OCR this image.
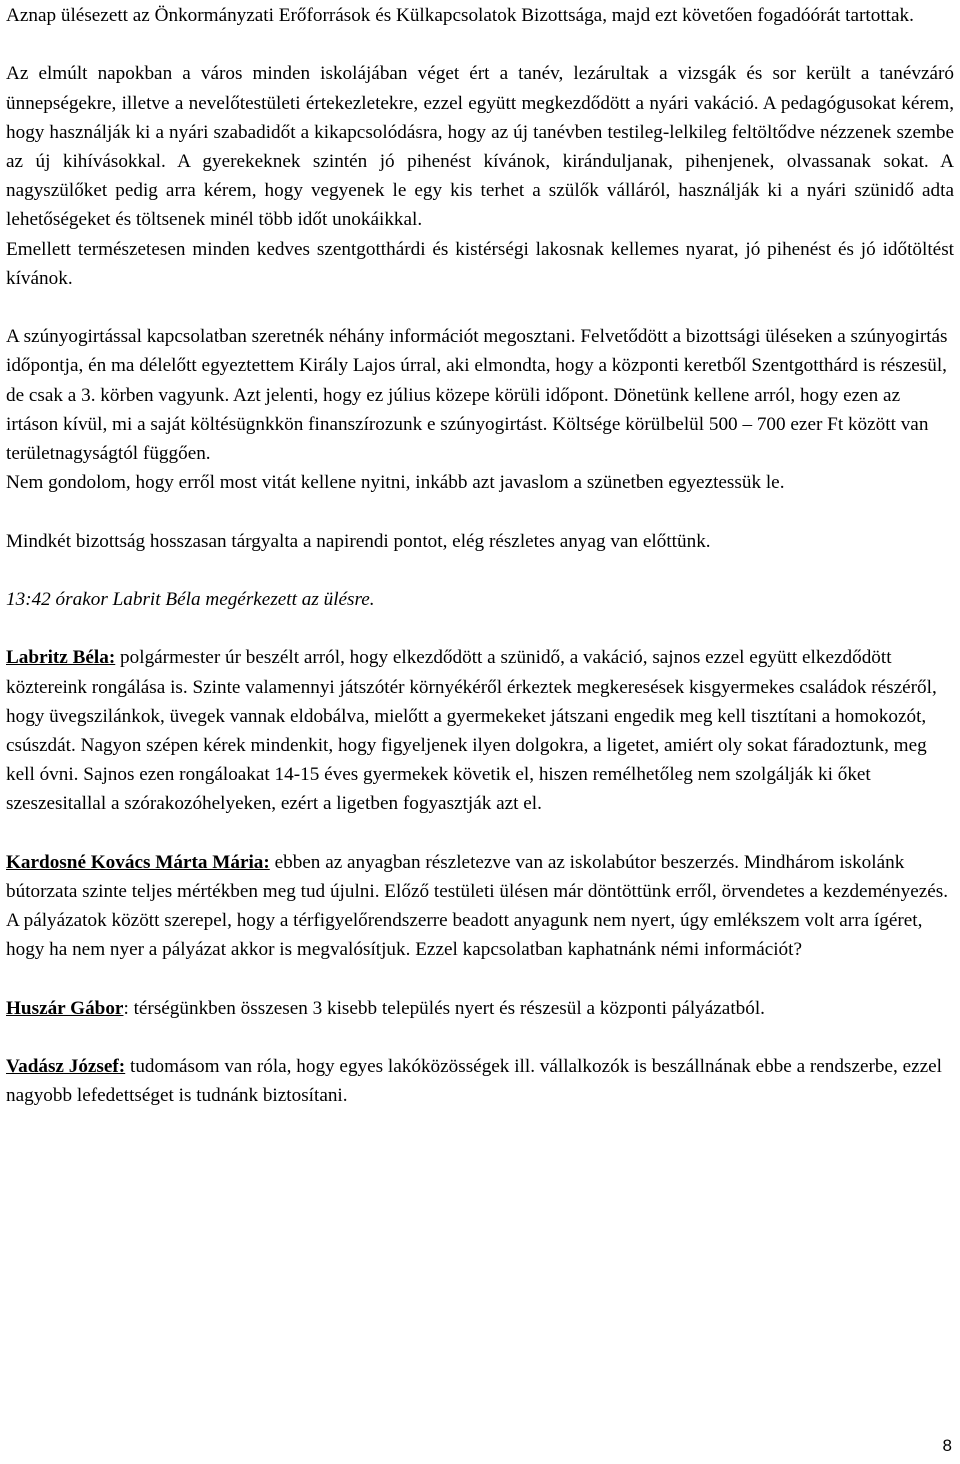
Aznap ülésezett az Önkormányzati Erőforrások és Külkapcsolatok Bizottsága, majd ezt követően fogadóórát tartottak.

Az elmúlt napokban a város minden iskolájában véget ért a tanév, lezárultak a vizsgák és sor került a tanévzáró ünnepségekre, illetve a nevelőtestületi értekezletekre, ezzel együtt megkezdődött a nyári vakáció. A pedagógusokat kérem, hogy használják ki a nyári szabadidőt a kikapcsolódásra, hogy az új tanévben testileg-lelkileg feltöltődve nézzenek szembe az új kihívásokkal. A gyerekeknek szintén jó pihenést kívánok, kiránduljanak, pihenjenek, olvassanak sokat. A nagyszülőket pedig arra kérem, hogy vegyenek le egy kis terhet a szülők válláról, használják ki a nyári szünidő adta lehetőségeket és töltsenek minél több időt unokáikkal.

Emellett természetesen minden kedves szentgotthárdi és kistérségi lakosnak kellemes nyarat, jó pihenést és jó időtöltést kívánok.

A szúnyogirtással kapcsolatban szeretnék néhány információt megosztani. Felvetődött a bizottsági üléseken a szúnyogirtás időpontja, én ma délelőtt egyeztettem Király Lajos úrral, aki elmondta, hogy a központi keretből Szentgotthárd is részesül, de csak a 3. körben vagyunk. Azt jelenti, hogy ez július közepe körüli időpont. Dönetünk kellene arról, hogy ezen az irtáson kívül, mi a saját költésügnkkön finanszírozunk e szúnyogirtást. Költsége körülbelül 500 – 700 ezer Ft között van területnagyságtól függően.

Nem gondolom, hogy erről most vitát kellene nyitni, inkább azt javaslom a szünetben egyeztessük le.

Mindkét bizottság hosszasan tárgyalta a napirendi pontot, elég részletes anyag van előttünk.

13:42 órakor Labrit Béla megérkezett az ülésre.

Labritz Béla: polgármester úr beszélt arról, hogy elkezdődött a szünidő, a vakáció, sajnos ezzel együtt elkezdődött köztereink rongálása is. Szinte valamennyi játszótér környékéről érkeztek megkeresések kisgyermekes családok részéről, hogy üvegszilánkok, üvegek vannak eldobálva, mielőtt a gyermekeket játszani engedik meg kell tisztítani a homokozót, csúszdát. Nagyon szépen kérek mindenkit, hogy figyeljenek ilyen dolgokra, a ligetet, amiért oly sokat fáradoztunk, meg kell óvni. Sajnos ezen rongáloakat 14-15 éves gyermekek követik el, hiszen remélhetőleg nem szolgálják ki őket szeszesitallal a szórakozóhelyeken, ezért a ligetben fogyasztják azt el.

Kardosné Kovács Márta Mária: ebben az anyagban részletezve van az iskolabútor beszerzés. Mindhárom iskolánk bútorzata szinte teljes mértékben meg tud újulni. Előző testületi ülésen már döntöttünk erről, örvendetes a kezdeményezés.

A pályázatok között szerepel, hogy a térfigyelőrendszerre beadott anyagunk nem nyert, úgy emlékszem volt arra ígéret, hogy ha nem nyer a pályázat akkor is megvalósítjuk. Ezzel kapcsolatban kaphatnánk némi információt?

Huszár Gábor: térségünkben összesen 3 kisebb település nyert és részesül a központi pályázatból.

Vadász József: tudomásom van róla, hogy egyes lakóközösségek ill. vállalkozók is beszállnának ebbe a rendszerbe, ezzel nagyobb lefedettséget is tudnánk biztosítani.

8
